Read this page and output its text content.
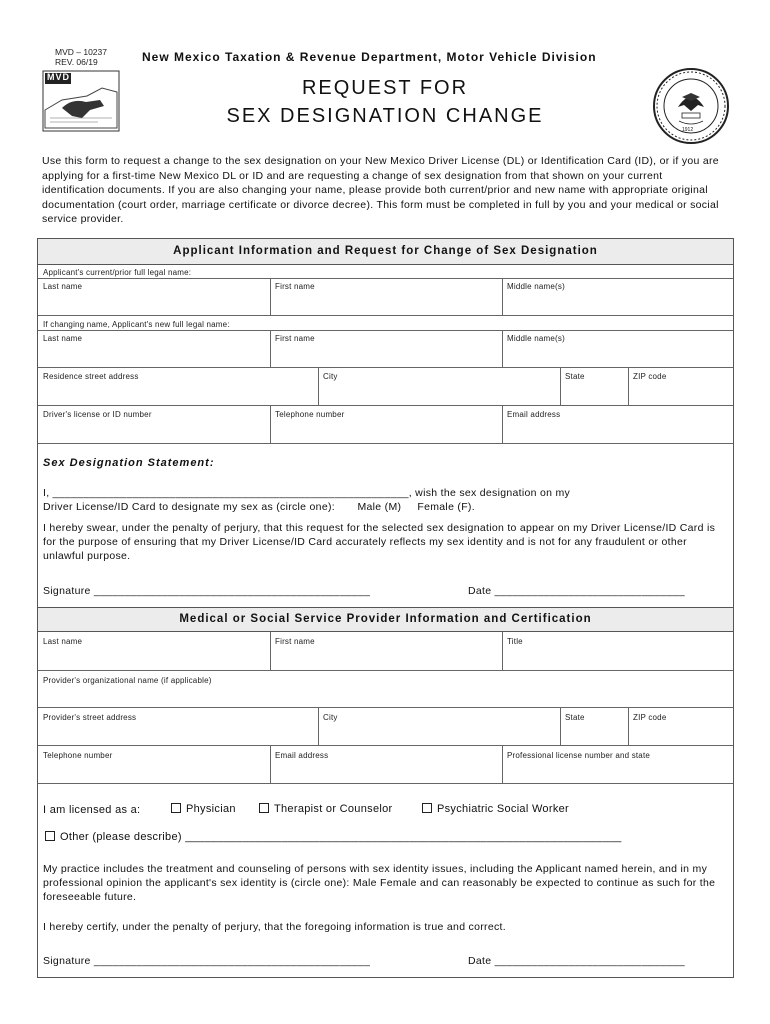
MVD – 10237
REV. 06/19
MVD
New Mexico Taxation & Revenue Department, Motor Vehicle Division
REQUEST FOR
SEX DESIGNATION CHANGE
1912
Use this form to request a change to the sex designation on your New Mexico Driver License (DL) or Identification Card (ID), or if you are applying for a first-time New Mexico DL or ID and are requesting a change of sex designation from that shown on your current identification documents. If you are also changing your name, please provide both current/prior and new name with appropriate original documentation (court order, marriage certificate or divorce decree). This form must be completed in full by you and your medical or social service provider.
Applicant Information and Request for Change of Sex Designation
Applicant's current/prior full legal name:
Last name	First name	Middle name(s)
If changing name, Applicant's new full legal name:
Last name	First name	Middle name(s)
Residence street address	City	State	ZIP code
Driver's license or ID number	Telephone number	Email address
Sex Designation Statement:
I, __________________________________________________________, wish the sex designation on my
Driver License/ID Card to designate my sex as (circle one):       Male (M)     Female (F).
I hereby swear, under the penalty of perjury, that this request for the selected sex designation to appear on my Driver License/ID Card is for the purpose of ensuring that my Driver License/ID Card accurately reflects my sex identity and is not for any fraudulent or other unlawful purpose.
Signature _____________________________________________	Date _______________________________
Medical or Social Service Provider Information and Certification
Last name	First name	Title
Provider's organizational name (if applicable)
Provider's street address	City	State	ZIP code
Telephone number	Email address	Professional license number and state
I am licensed as a:	Physician	Therapist or Counselor	Psychiatric Social Worker
Other (please describe) ____________________________________________________________________
My practice includes the treatment and counseling of persons with sex identity issues, including the Applicant named herein, and in my professional opinion the applicant's sex identity is (circle one): Male Female and can reasonably be expected to continue as such for the foreseeable future.
I hereby certify, under the penalty of perjury, that the foregoing information is true and correct.
Signature _____________________________________________	Date _______________________________
